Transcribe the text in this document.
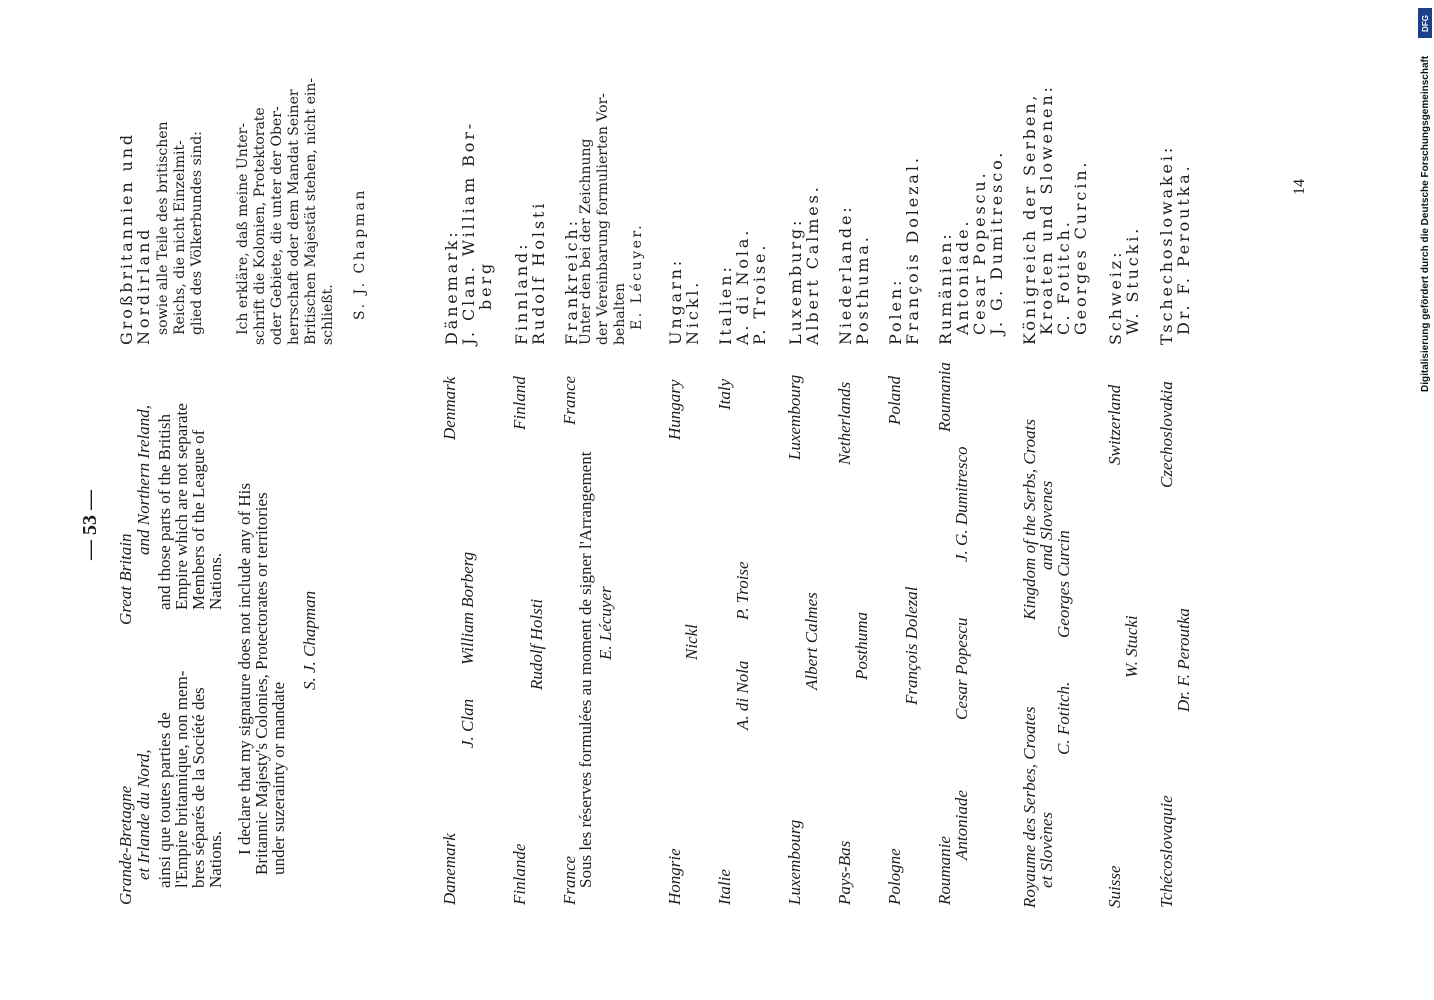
— 53 —
Grande-Bretagne et Irlande du Nord, ainsi que toutes parties de
l'Empire britannique, non mem-
bres séparés de la Société des
Nations.
Great Britain
and Northern Ireland, and those parts of the British
Empire which are not separate
Members of the League of
Nations. I declare that my signature does not include any of His
Britannic Majesty's Colonies, Protectorates or territories
under suzerainty or mandate
S. J. Chapman
Großbritannien und
Nordirland sowie alle Teile des britischen Reichs, die nicht Einzelmit- glied des Völkerbundes sind: Ich erkläre, daß meine Unter- schrift die Kolonien, Protektorate oder Gebiete, die unter der Ober- herrschaft oder dem Mandat Seiner Britischen Majestät stehen, nicht ein- schließt. S. J. Chapman
Danemark
J. Clan
William Borberg
Denmark
Dänemark:
J. Clan. William Bor-
berg
Finlande
Rudolf Holsti
Finland
Finnland:
Rudolf Holsti
France
Sous les réserves formulées au moment de signer l'Arrangement E. Lécuyer
France
Frankreich:
Unter den bei der Zeichnung der Vereinbarung formulierten Vor- behalten E. Lécuyer.
Hongrie
Nickl
Hungary
Ungarn:
Nickl.
Italie
A. di Nola
P. Troise
Italy
Italien:
A. di Nola.
P. Troise.
Luxembourg
Albert Calmes
Luxembourg
Luxemburg:
Albert Calmes.
Pays-Bas
Posthuma
Netherlands
Niederlande:
Posthuma.
Pologne
François Dolezal
Poland
Polen:
François Dolezal.
Roumanie
Antoniade
Cesar Popescu
J. G. Dumitresco
Roumania
Rumänien:
Antoniade.
Cesar Popescu.
J. G. Dumitresco.
Royaume des Serbes, Croates
et Slovènes
C. Fotitch.
Georges Curcin
Kingdom of the Serbs, Croats
and Slovenes
Königreich der Serben,
Kroaten und Slowenen:
C. Fotitch.
Georges Curcin.
Suisse
W. Stucki
Switzerland
Schweiz:
W. Stucki.
Tchécoslovaquie
Dr. F. Peroutka
Czechoslovakia
Tschechoslowakei:
Dr. F. Peroutka.	14	Digitalisierung gefördert durch die Deutsche Forschungsgemeinschaft
DFG
